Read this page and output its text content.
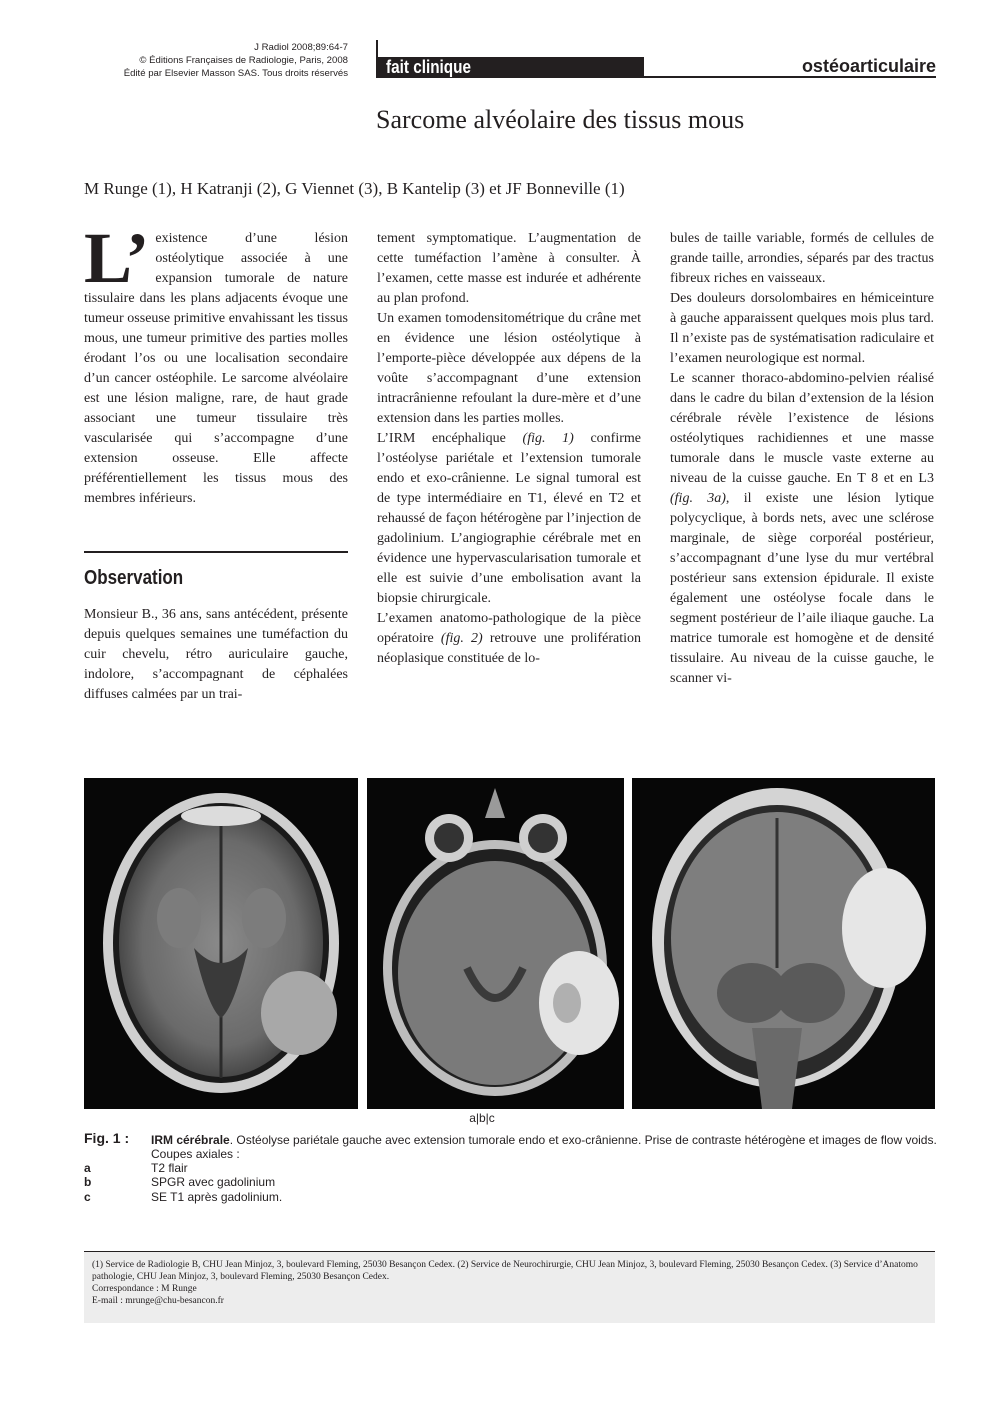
J Radiol 2008;89:64-7
© Éditions Françaises de Radiologie, Paris, 2008
Édité par Elsevier Masson SAS. Tous droits réservés	fait clinique	ostéoarticulaire
Sarcome alvéolaire des tissus mous
M Runge (1), H Katranji (2), G Viennet (3), B Kantelip (3) et JF Bonneville (1)

L’ existence d’une lésion ostéolytique associée à une expansion tumorale de nature tissulaire dans les plans adjacents évoque une tumeur osseuse primitive envahissant les tissus mous, une tumeur primitive des parties molles érodant l’os ou une localisation secondaire d’un cancer ostéophile. Le sarcome alvéolaire est une lésion maligne, rare, de haut grade associant une tumeur tissulaire très vascularisée qui s’accompagne d’une extension osseuse. Elle affecte préférentiellement les tissus mous des membres inférieurs.

Observation

Monsieur B., 36 ans, sans antécédent, présente depuis quelques semaines une tuméfaction du cuir chevelu, rétro auriculaire gauche, indolore, s’accompagnant de céphalées diffuses calmées par un trai-

tement symptomatique. L’augmentation de cette tuméfaction l’amène à consulter. À l’examen, cette masse est indurée et adhérente au plan profond.

Un examen tomodensitométrique du crâne met en évidence une lésion ostéolytique à l’emporte-pièce développée aux dépens de la voûte s’accompagnant d’une extension intracrânienne refoulant la dure-mère et d’une extension dans les parties molles.

L’IRM encéphalique (fig. 1) confirme l’ostéolyse pariétale et l’extension tumorale endo et exo-crânienne. Le signal tumoral est de type intermédiaire en T1, élevé en T2 et rehaussé de façon hétérogène par l’injection de gadolinium. L’angiographie cérébrale met en évidence une hypervascularisation tumorale et elle est suivie d’une embolisation avant la biopsie chirurgicale.

L’examen anatomo-pathologique de la pièce opératoire (fig. 2) retrouve une prolifération néoplasique constituée de lo-

bules de taille variable, formés de cellules de grande taille, arrondies, séparés par des tractus fibreux riches en vaisseaux.

Des douleurs dorsolombaires en hémiceinture à gauche apparaissent quelques mois plus tard. Il n’existe pas de systématisation radiculaire et l’examen neurologique est normal.

Le scanner thoraco-abdomino-pelvien réalisé dans le cadre du bilan d’extension de la lésion cérébrale révèle l’existence de lésions ostéolytiques rachidiennes et une masse tumorale dans le muscle vaste externe au niveau de la cuisse gauche. En T 8 et en L3 (fig. 3a), il existe une lésion lytique polycyclique, à bords nets, avec une sclérose marginale, de siège corporéal postérieur, s’accompagnant d’une lyse du mur vertébral postérieur sans extension épidurale. Il existe également une ostéolyse focale dans le segment postérieur de l’aile iliaque gauche. La matrice tumorale est homogène et de densité tissulaire. Au niveau de la cuisse gauche, le scanner vi-

a|b|c
Fig. 1 : IRM cérébrale. Ostéolyse pariétale gauche avec extension tumorale endo et exo-crânienne. Prise de contraste hétérogène et images de flow voids. Coupes axiales :
a	T2 flair
b	SPGR avec gadolinium
c	SE T1 après gadolinium.

(1) Service de Radiologie B, CHU Jean Minjoz, 3, boulevard Fleming, 25030 Besançon Cedex. (2) Service de Neurochirurgie, CHU Jean Minjoz, 3, boulevard Fleming, 25030 Besançon Cedex. (3) Service d’Anatomo pathologie, CHU Jean Minjoz, 3, boulevard Fleming, 25030 Besançon Cedex.

Correspondance : M Runge

E-mail : mrunge@chu-besancon.fr
